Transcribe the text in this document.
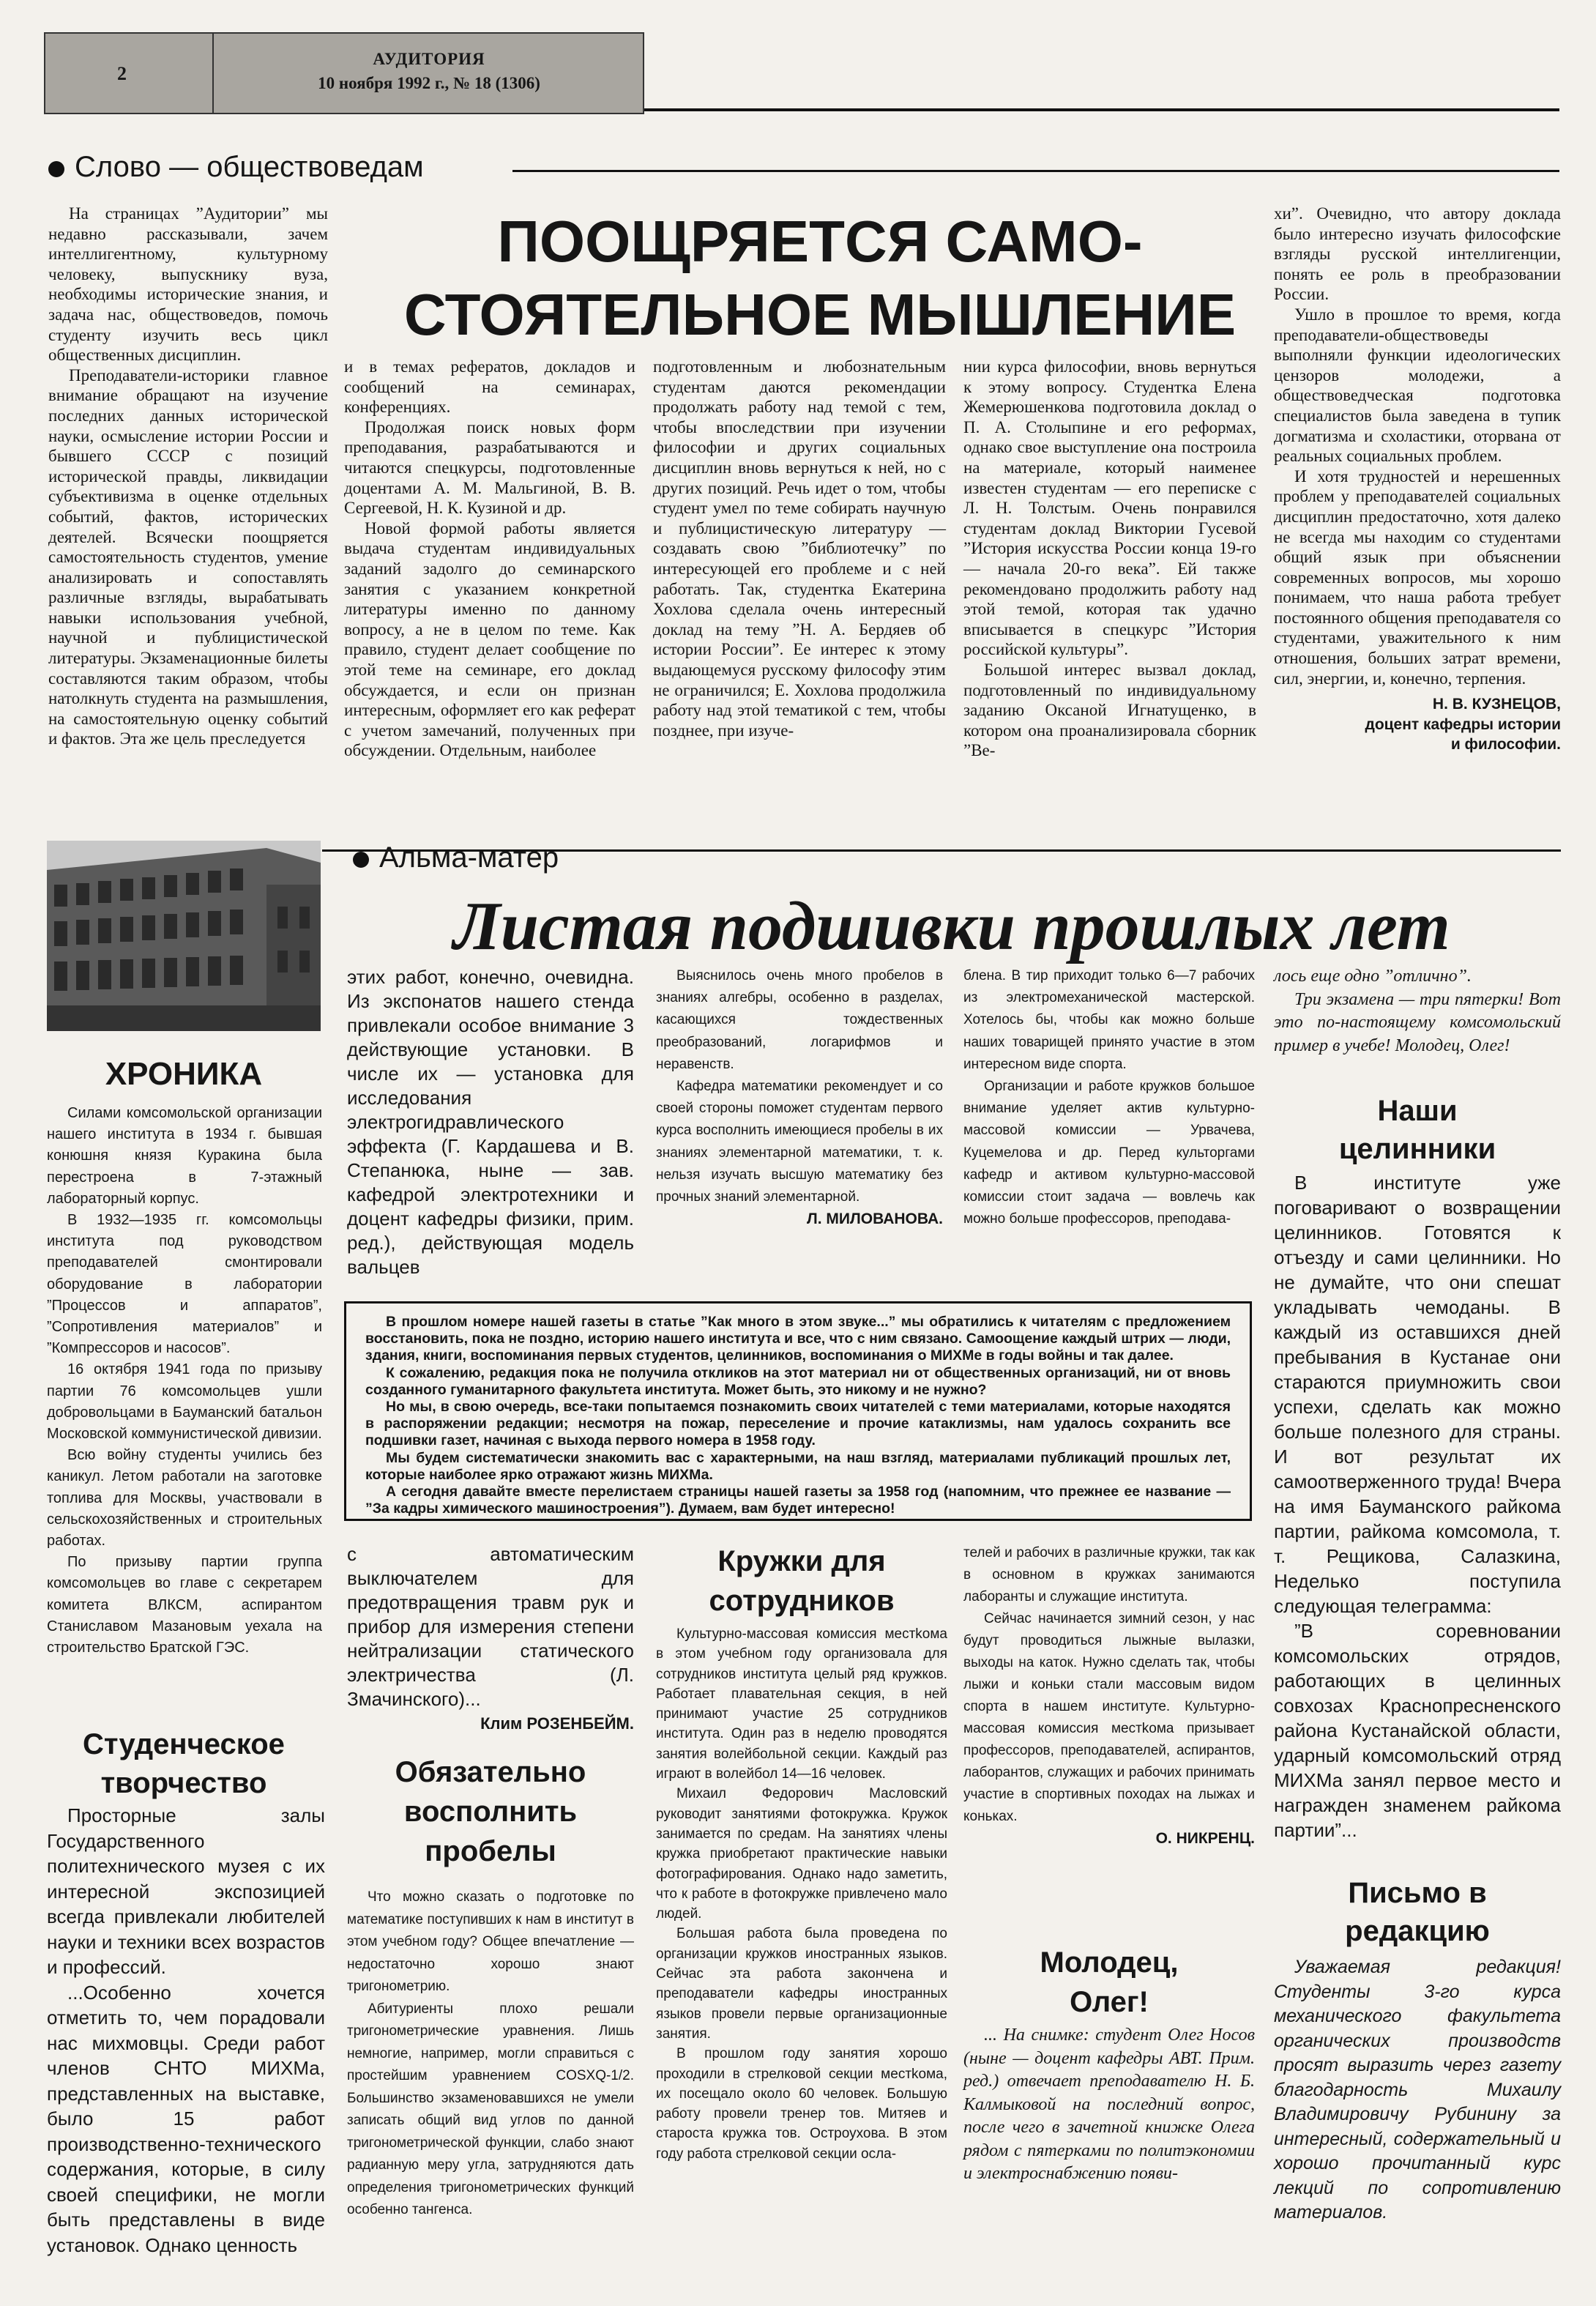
2
АУДИТОРИЯ
10 ноября 1992 г., № 18 (1306)
Слово — обществоведам
ПООЩРЯЕТСЯ САМО-
СТОЯТЕЛЬНОЕ МЫШЛЕНИЕ

На страницах ”Аудитории” мы недавно рассказывали, зачем интеллигентному, культурному человеку, выпускнику вуза, необходимы исторические знания, и задача нас, обществоведов, помочь студенту изучить весь цикл общественных дисциплин.

Преподаватели-историки главное внимание обращают на изучение последних данных исторической науки, осмысление истории России и бывшего СССР с позиций исторической правды, ликвидации субъективизма в оценке отдельных событий, фактов, исторических деятелей. Всячески поощряется самостоятельность студентов, умение анализировать и сопоставлять различные взгляды, вырабатывать навыки использования учебной, научной и публицистической литературы. Экзаменационные билеты составляются таким образом, чтобы натолкнуть студента на размышления, на самостоятельную оценку событий и фактов. Эта же цель преследуется

и в темах рефератов, докладов и сообщений на семинарах, конференциях.

Продолжая поиск новых форм преподавания, разрабатываются и читаются спецкурсы, подготовленные доцентами А. М. Мальгиной, В. В. Сергеевой, Н. К. Кузиной и др.

Новой формой работы является выдача студентам индивидуальных заданий задолго до семинарского занятия с указанием конкретной литературы именно по данному вопросу, а не в целом по теме. Как правило, студент делает сообщение по этой теме на семинаре, его доклад обсуждается, и если он признан интересным, оформляет его как реферат с учетом замечаний, полученных при обсуждении. Отдельным, наиболее

подготовленным и любознательным студентам даются рекомендации продолжать работу над темой с тем, чтобы впоследствии при изучении философии и других социальных дисциплин вновь вернуться к ней, но с других позиций. Речь идет о том, чтобы студент умел по теме собирать научную и публицистическую литературу — создавать свою ”библиотечку” по интересующей его проблеме и с ней работать. Так, студентка Екатерина Хохлова сделала очень интересный доклад на тему ”Н. А. Бердяев об истории России”. Ее интерес к этому выдающемуся русскому философу этим не ограничился; Е. Хохлова продолжила работу над этой тематикой с тем, чтобы позднее, при изуче-

нии курса философии, вновь вернуться к этому вопросу. Студентка Елена Жемерюшенкова подготовила доклад о П. А. Столыпине и его реформах, однако свое выступление она построила на материале, который наименее известен студентам — его переписке с Л. Н. Толстым. Очень понравился студентам доклад Виктории Гусевой ”История искусства России конца 19-го — начала 20-го века”. Ей также рекомендовано продолжить работу над этой темой, которая так удачно вписывается в спецкурс ”История российской культуры”.

Большой интерес вызвал доклад, подготовленный по индивидуальному заданию Оксаной Игнатущенко, в котором она проанализировала сборник ”Ве-

хи”. Очевидно, что автору доклада было интересно изучать философские взгляды русской интеллигенции, понять ее роль в преобразовании России.

Ушло в прошлое то время, когда преподаватели-обществоведы выполняли функции идеологических цензоров молодежи, а обществоведческая подготовка специалистов была заведена в тупик догматизма и схоластики, оторвана от реальных социальных проблем.

И хотя трудностей и нерешенных проблем у преподавателей социальных дисциплин предостаточно, хотя далеко не всегда мы находим со студентами общий язык при объяснении современных вопросов, мы хорошо понимаем, что наша работа требует постоянного общения преподавателя со студентами, уважительного к ним отношения, больших затрат времени, сил, энергии, и, конечно, терпения.

Н. В. КУЗНЕЦОВ,

доцент кафедры истории

и философии.

ХРОНИКА

Силами комсомольской организации нашего института в 1934 г. бывшая конюшня князя Куракина была перестроена в 7-этажный лабораторный корпус.

В 1932—1935 гг. комсомольцы института под руководством преподавателей смонтировали оборудование в лаборатории ”Процессов и аппаратов”, ”Сопротивления материалов” и ”Компрессоров и насосов”.

16 октября 1941 года по призыву партии 76 комсомольцев ушли добровольцами в Бауманский батальон Московской коммунистической дивизии.

Всю войну студенты учились без каникул. Летом работали на заготовке топлива для Москвы, участвовали в сельскохозяйственных и строительных работах.

По призыву партии группа комсомольцев во главе с секретарем комитета ВЛКСМ, аспирантом Станиславом Мазановым уехала на строительство Братской ГЭС.

Студенческое
творчество

Просторные залы Государственного политехнического музея с их интересной экспозицией всегда привлекали любителей науки и техники всех возрастов и профессий.

...Особенно хочется отметить то, чем порадовали нас михмовцы. Среди работ членов СНТО МИХМа, представленных на выставке, было 15 работ производственно-технического содержания, которые, в силу своей специфики, не могли быть представлены в виде установок. Однако ценность

Альма-матер
Листая подшивки прошлых лет

этих работ, конечно, очевидна. Из экспонатов нашего стенда привлекали особое внимание 3 действующие установки. В числе их — установка для исследования электрогидравлического эффекта (Г. Кардашева и В. Степанюка, ныне — зав. кафедрой электротехники и доцент кафедры физики, прим. ред.), действующая модель вальцев

Выяснилось очень много пробелов в знаниях алгебры, особенно в разделах, касающихся тождественных преобразований, логарифмов и неравенств.

Кафедра математики рекомендует и со своей стороны поможет студентам первого курса восполнить имеющиеся пробелы в их знаниях элементарной математики, т. к. нельзя изучать высшую математику без прочных знаний элементарной.

Л. МИЛОВАНОВА.

блена. В тир приходит только 6—7 рабочих из электромеханической мастерской. Хотелось бы, чтобы как можно больше наших товарищей принято участие в этом интересном виде спорта.

Организации и работе кружков большое внимание уделяет актив культурно-массовой комиссии — Урвачева, Куцемелова и др. Перед культоргами кафедр и активом культурно-массовой комиссии стоит задача — вовлечь как можно больше профессоров, преподава-

лось еще одно ”отлично”.

Три экзамена — три пятерки! Вот это по-настоящему комсомольский пример в учебе! Молодец, Олег!

Наши
целинники

В институте уже поговаривают о возвращении целинников. Готовятся к отъезду и сами целинники. Но не думайте, что они спешат укладывать чемоданы. В каждый из оставшихся дней пребывания в Кустанае они стараются приумножить свои успехи, сделать как можно больше полезного для страны. И вот результат их самоотверженного труда! Вчера на имя Бауманского райкома партии, райкома комсомола, т. т. Рещикова, Салазкина, Неделько поступила следующая телеграмма:

”В соревновании комсомольских отрядов, работающих в целинных совхозах Краснопресненского района Кустанайской области, ударный комсомольский отряд МИХМа занял первое место и награжден знаменем райкома партии”...

Письмо в
редакцию

Уважаемая редакция! Студенты 3-го курса механического факультета органических производств просят выразить через газету благодарность Михаилу Владимировичу Рубинину за интересный, содержательный и хорошо прочитанный курс лекций по сопротивлению материалов.

В прошлом номере нашей газеты в статье ”Как много в этом звуке...” мы обратились к читателям с предложением восстановить, пока не поздно, историю нашего института и все, что с ним связано. Самоощение каждый штрих — люди, здания, книги, воспоминания первых студентов, целинников, воспоминания о МИХМе в годы войны и так далее.

К сожалению, редакция пока не получила откликов на этот материал ни от общественных организаций, ни от вновь созданного гуманитарного факультета института. Может быть, это никому и не нужно?

Но мы, в свою очередь, все-таки попытаемся познакомить своих читателей с теми материалами, которые находятся в распоряжении редакции; несмотря на пожар, переселение и прочие катаклизмы, нам удалось сохранить все подшивки газет, начиная с выхода первого номера в 1958 году.

Мы будем систематически знакомить вас с характерными, на наш взгляд, материалами публикаций прошлых лет, которые наиболее ярко отражают жизнь МИХМа.

А сегодня давайте вместе перелистаем страницы нашей газеты за 1958 год (напомним, что прежнее ее название — ”За кадры химического машиностроения”). Думаем, вам будет интересно!

с автоматическим выключателем для предотвращения травм рук и прибор для измерения степени нейтрализации статического электричества (Л. Змачинского)...

Клим РОЗЕНБЕЙМ.

Обязательно
восполнить
пробелы

Что можно сказать о подготовке по математике поступивших к нам в институт в этом учебном году? Общее впечатление — недостаточно хорошо знают тригонометрию.

Абитуриенты плохо решали тригонометрические уравнения. Лишь немногие, например, могли справиться с простейшим уравнением COSXQ-1/2. Большинство экзаменовавшихся не умели записать общий вид углов по данной тригонометрической функции, слабо знают радианную меру угла, затрудняются дать определения тригонометрических функций особенно тангенса.

Кружки для
сотрудников

Культурно-массовая комиссия местkома в этом учебном году организовала для сотрудников института целый ряд кружков. Работает плавательная секция, в ней принимают участие 25 сотрудников института. Один раз в неделю проводятся занятия волейбольной секции. Каждый раз играют в волейбол 14—16 человек.

Михаил Федорович Масловский руководит занятиями фотокружка. Кружок занимается по средам. На занятиях члены кружка приобретают практические навыки фотографирования. Однако надо заметить, что к работе в фотокружке привлечено мало людей.

Большая работа была проведена по организации кружков иностранных языков. Сейчас эта работа закончена и преподаватели кафедры иностранных языков провели первые организационные занятия.

В прошлом году занятия хорошо проходили в стрелковой секции местkома, их посещало около 60 человек. Большую работу провели тренер тов. Митяев и староста кружка тов. Остроухова. В этом году работа стрелковой секции осла-

телей и рабочих в различные кружки, так как в основном в кружках занимаются лаборанты и служащие института.

Сейчас начинается зимний сезон, у нас будут проводиться лыжные вылазки, выходы на каток. Нужно сделать так, чтобы лыжи и коньки стали массовым видом спорта в нашем институте. Культурно-массовая комиссия местkома призывает профессоров, преподавателей, аспирантов, лаборантов, служащих и рабочих принимать участие в спортивных походах на лыжах и коньках.

О. НИКРЕНЦ.

Молодец,
Олег!

... На снимке: студент Олег Носов (ныне — доцент кафедры АВТ. Прим. ред.) отвечает преподавателю Н. Б. Калмыковой на последний вопрос, после чего в зачетной книжке Олега рядом с пятерками по политэкономии и электроснабжению появи-
